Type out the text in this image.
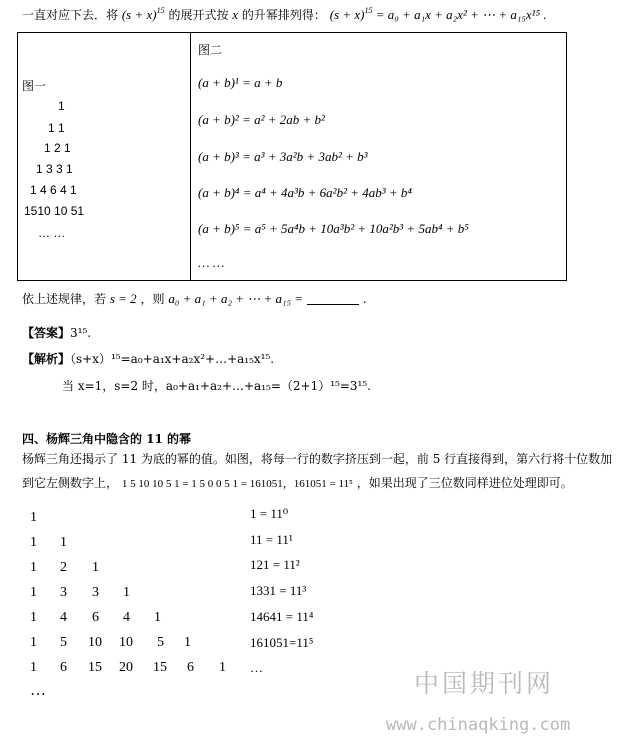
一直对应下去．将 $(s + x)^{15}$ 的展开式按 x 的升幂排列得： $(s + x)^{15} = a_0 + a_1x + a_2x^2$ + ⋯ + a₁₅x¹⁵ .
图一
1
1 1
1 2 1
1 3 3 1
1 4 6 4 1
1510 10 51
… …
图二
(a + b)¹ = a + b
(a + b)² = a² + 2ab + b²
(a + b)³ = a³ + 3a²b + 3ab² + b³
(a + b)⁴ = a⁴ + 4a³b + 6a²b² + 4ab³ + b⁴
(a + b)⁵ = a⁵ + 5a⁴b + 10a³b² + 10a²b³ + 5ab⁴ + b⁵
… …
依上述规律，若 s = 2 ，则 a₀ + a₁ + a₂ + ⋯ + a₁₅ =	.
【答案】3¹⁵.
【解析】（s+x）¹⁵=a₀+a₁x+a₂x²+…+a₁₅x¹⁵.
当 x=1，s=2 时，a₀+a₁+a₂+…+a₁₅=（2+1）¹⁵=3¹⁵.
四、杨辉三角中隐含的 11 的幂
杨辉三角还揭示了 11 为底的幂的值。如图，将每一行的数字挤压到一起，前 5 行直接得到，第六行将十位数加
到它左侧数字上， 1 5 10 10 5 1 = 1 5 0 0 5 1 = 161051，161051 = 11⁵ ，如果出现了三位数同样进位处理即可。
1
1 1
1 2 1
1 3 3 1
1 4 6 4 1
1 5 10 10 5 1
1 6 15 20 15 6 1
…
1 = 11⁰
11 = 11¹
121 = 11²
1331 = 11³
14641 = 11⁴
161051=11⁵
…
中国期刊网
www.chinaqking.com
